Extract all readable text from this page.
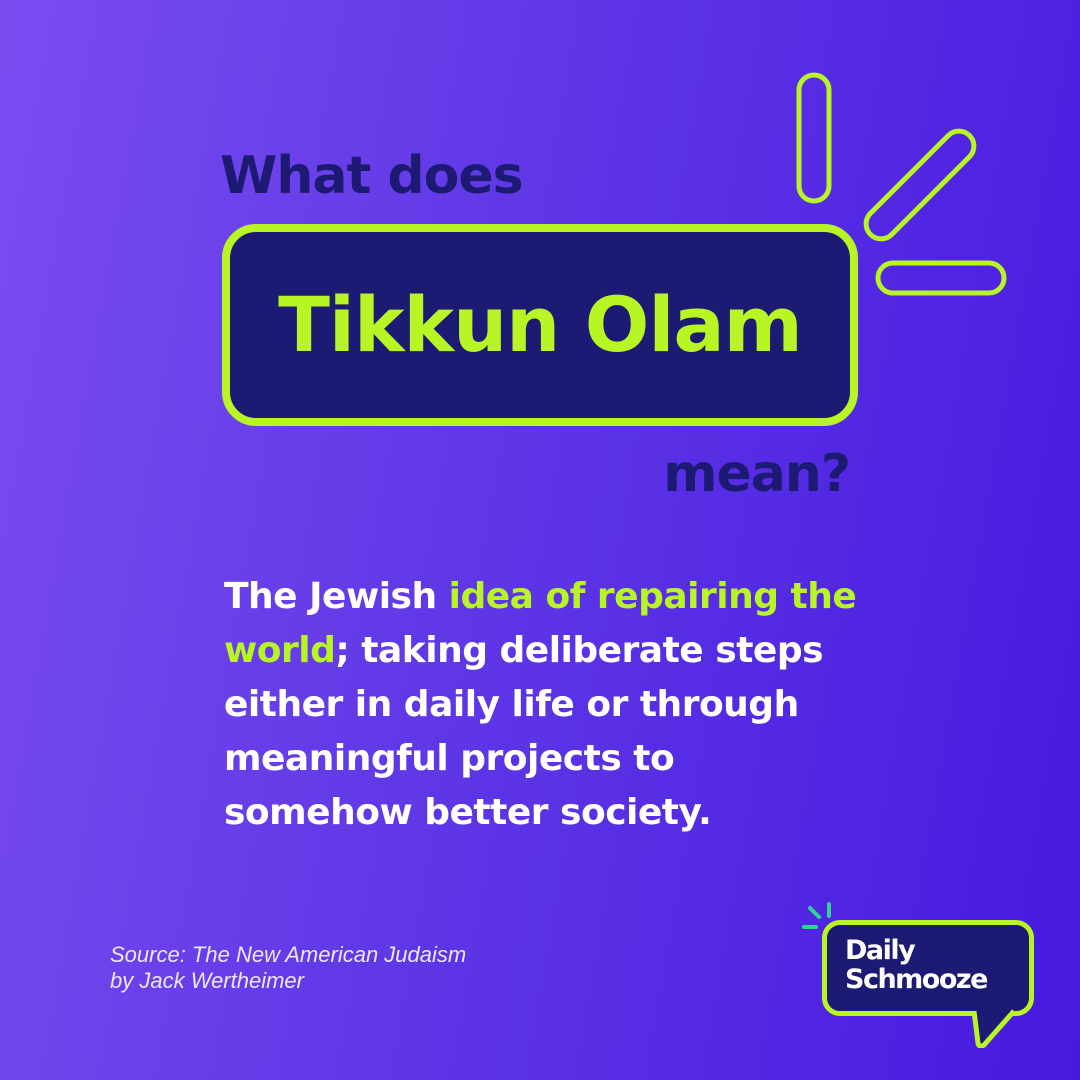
What does
Tikkun Olam
mean?

The Jewish idea of repairing the world; taking deliberate steps either in daily life or through meaningful projects to somehow better society.

Source: The New American Judaism
by Jack Wertheimer
Daily
Schmooze
